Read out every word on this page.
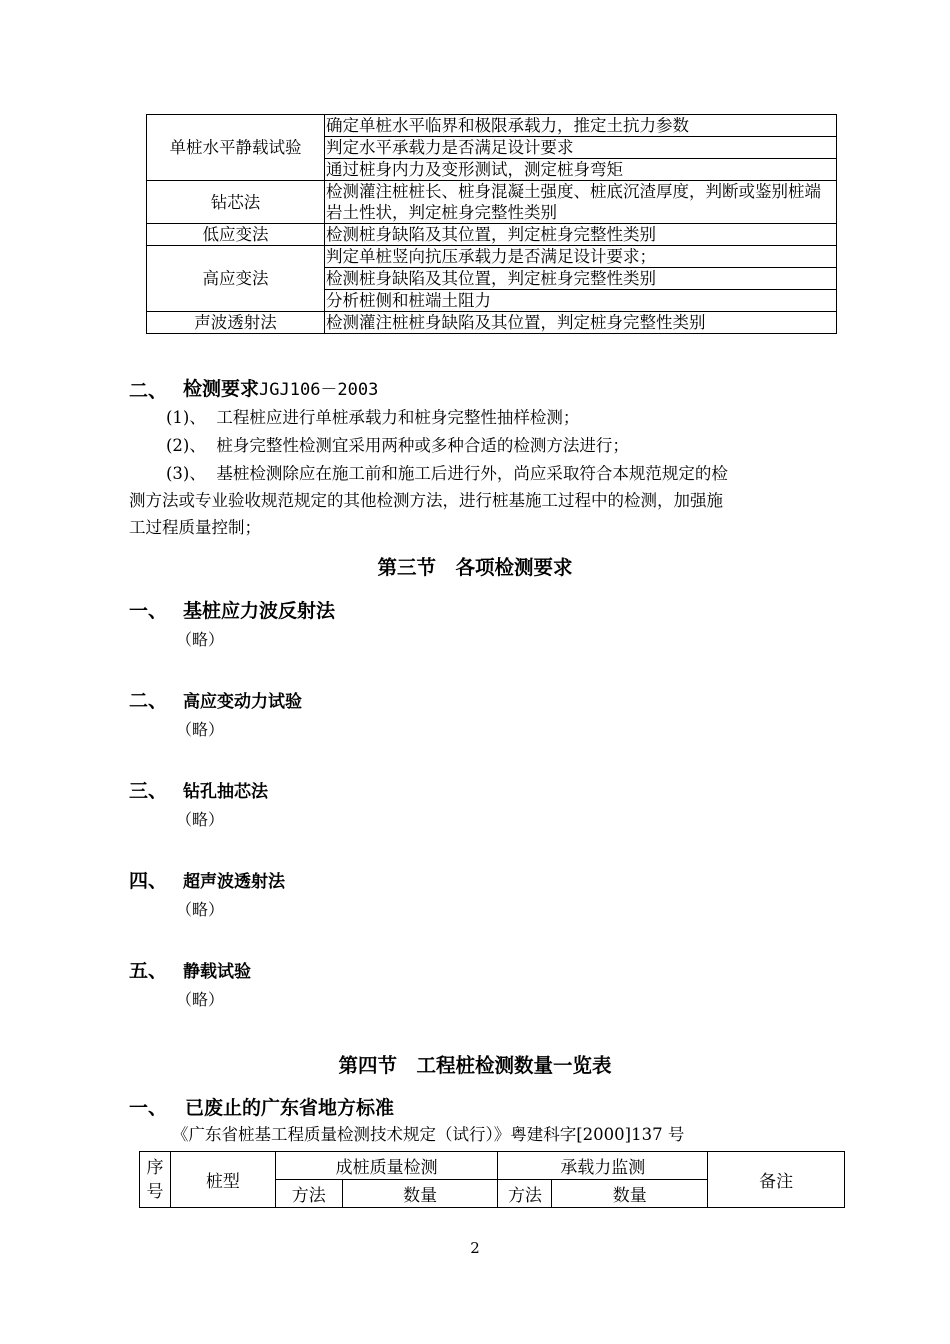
单桩水平静载试验	确定单桩水平临界和极限承载力，推定土抗力参数
	判定水平承载力是否满足设计要求
	通过桩身内力及变形测试，测定桩身弯矩
钻芯法	检测灌注桩桩长、桩身混凝土强度、桩底沉渣厚度，判断或鉴别桩端岩土性状，判定桩身完整性类别
低应变法	检测桩身缺陷及其位置，判定桩身完整性类别
高应变法	判定单桩竖向抗压承载力是否满足设计要求；
	检测桩身缺陷及其位置，判定桩身完整性类别
	分析桩侧和桩端土阻力
声波透射法	检测灌注桩桩身缺陷及其位置，判定桩身完整性类别
二、 检测要求JGJ106－2003
(1)、 工程桩应进行单桩承载力和桩身完整性抽样检测；
(2)、 桩身完整性检测宜采用两种或多种合适的检测方法进行；
(3)、 基桩检测除应在施工前和施工后进行外，尚应采取符合本规范规定的检
测方法或专业验收规范规定的其他检测方法，进行桩基施工过程中的检测，加强施
工过程质量控制；
第三节　各项检测要求
一、 基桩应力波反射法
（略）
二、 高应变动力试验
（略）
三、 钻孔抽芯法
（略）
四、 超声波透射法
（略）
五、 静载试验
（略）
第四节　工程桩检测数量一览表
一、 已废止的广东省地方标准
《广东省桩基工程质量检测技术规定（试行）》粤建科字[2000]137 号
序
号	桩型	成桩质量检测		承载力监测		备注
		方法	数量	方法	数量	
2
